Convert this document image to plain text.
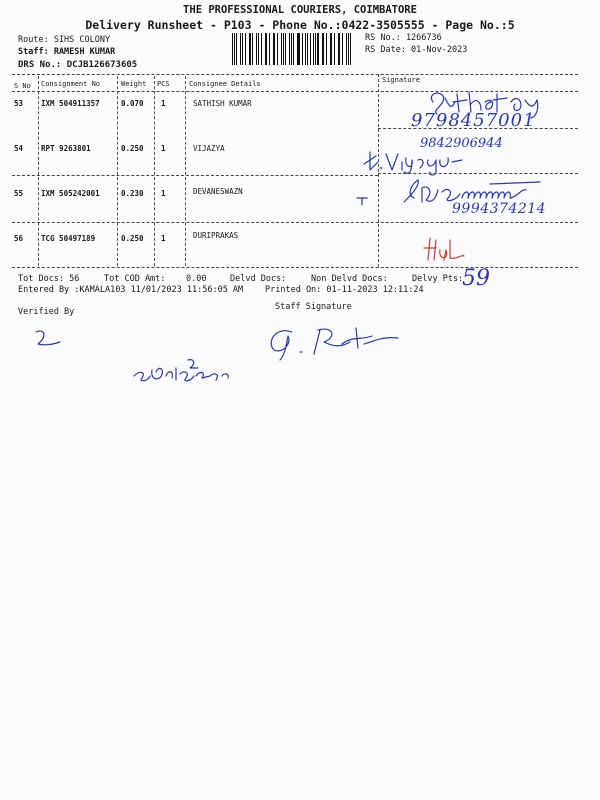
THE PROFESSIONAL COURIERS, COIMBATORE
Delivery Runsheet - P103 - Phone No.:0422-3505555 - Page No.:5
Route: SIHS COLONY
Staff: RAMESH KUMAR
DRS No.: DCJB126673605
RS No.: 1266736
RS Date: 01-Nov-2023
S No Consignment No	Weight PCS	Consignee Details	Signature
53 IXM 504911357	0.070 1	SATHISH KUMAR
54 RPT 9263801	0.250 1	VIJAZYA
55 IXM 505242001	0.230 1	DEVANESWAZN
56 TCG 50497189	0.250 1	DURIPRAKAS
9798457001
9842906944
9994374214
Tot Docs: 56	Tot COD Amt: 0.00	Delvd Docs:	Non Delvd Docs:	Delvy Pts:
59
Entered By :KAMALA103 11/01/2023 11:56:05 AM	Printed On: 01-11-2023 12:11:24
Verified By	Staff Signature
